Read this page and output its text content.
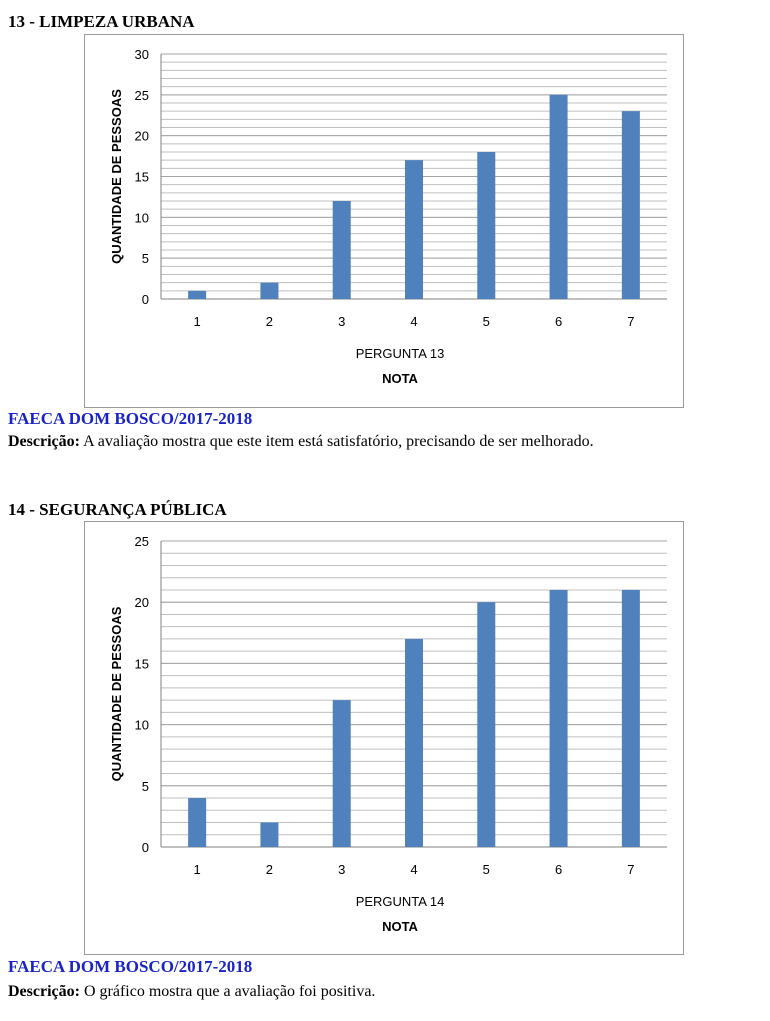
13 - LIMPEZA URBANA
0
5
10
15
20
25
30
1	2	3	4	5	6	7
PERGUNTA 13
NOTA
QUANTIDADE DE PESSOAS
FAECA DOM BOSCO/2017-2018
Descrição: A avaliação mostra que este item está satisfatório, precisando de ser melhorado.
14 - SEGURANÇA PÚBLICA
0
5
10
15
20
25
1	2	3	4	5	6	7
PERGUNTA 14
NOTA
QUANTIDADE DE PESSOAS
FAECA DOM BOSCO/2017-2018
Descrição: O gráfico mostra que a avaliação foi positiva.
